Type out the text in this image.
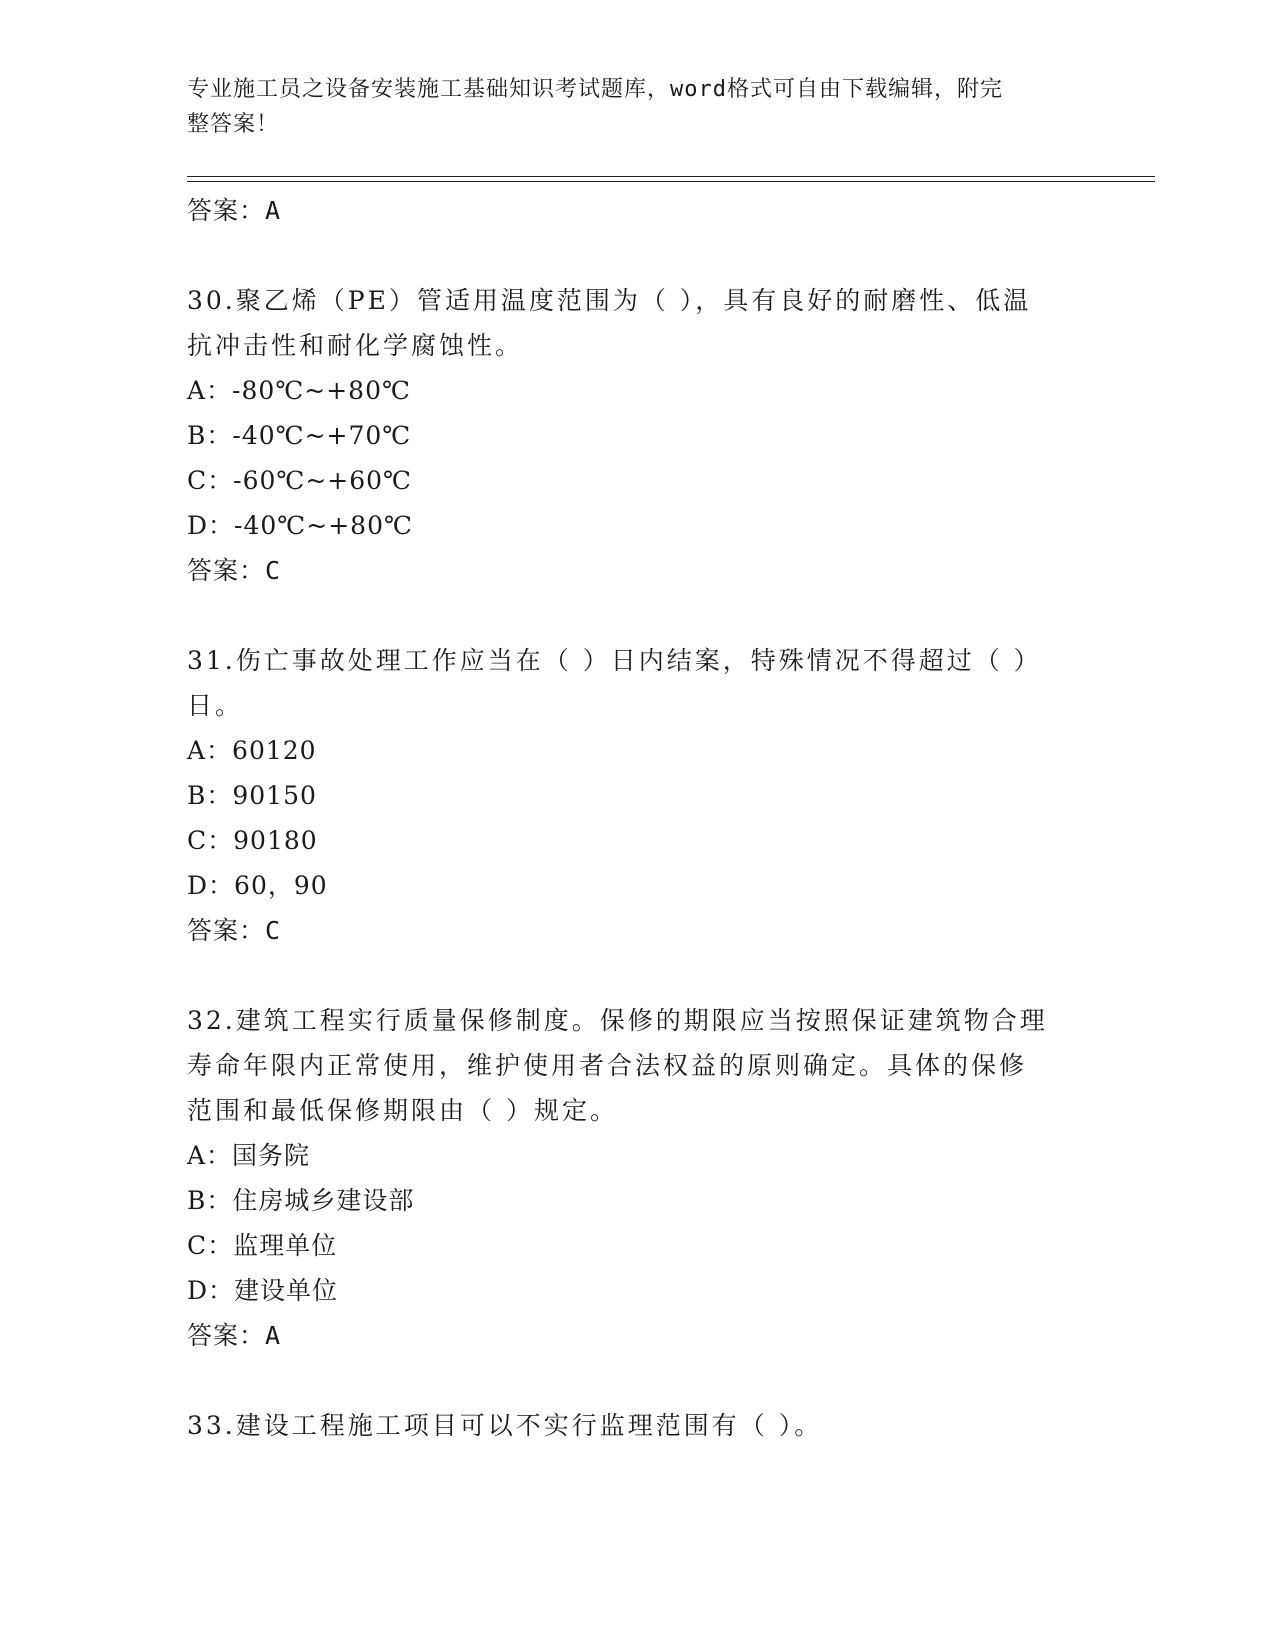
专业施工员之设备安装施工基础知识考试题库，word格式可自由下载编辑，附完
整答案！
答案：A
30.聚乙烯（PE）管适用温度范围为（ ），具有良好的耐磨性、低温
抗冲击性和耐化学腐蚀性。
A：-80℃~+80℃
B：-40℃~+70℃
C：-60℃~+60℃
D：-40℃~+80℃
答案：C
31.伤亡事故处理工作应当在（ ）日内结案，特殊情况不得超过（ ）
日。
A：60120
B：90150
C：90180
D：60，90
答案：C
32.建筑工程实行质量保修制度。保修的期限应当按照保证建筑物合理
寿命年限内正常使用，维护使用者合法权益的原则确定。具体的保修
范围和最低保修期限由（ ）规定。
A：国务院
B：住房城乡建设部
C：监理单位
D：建设单位
答案：A
33.建设工程施工项目可以不实行监理范围有（ ）。
